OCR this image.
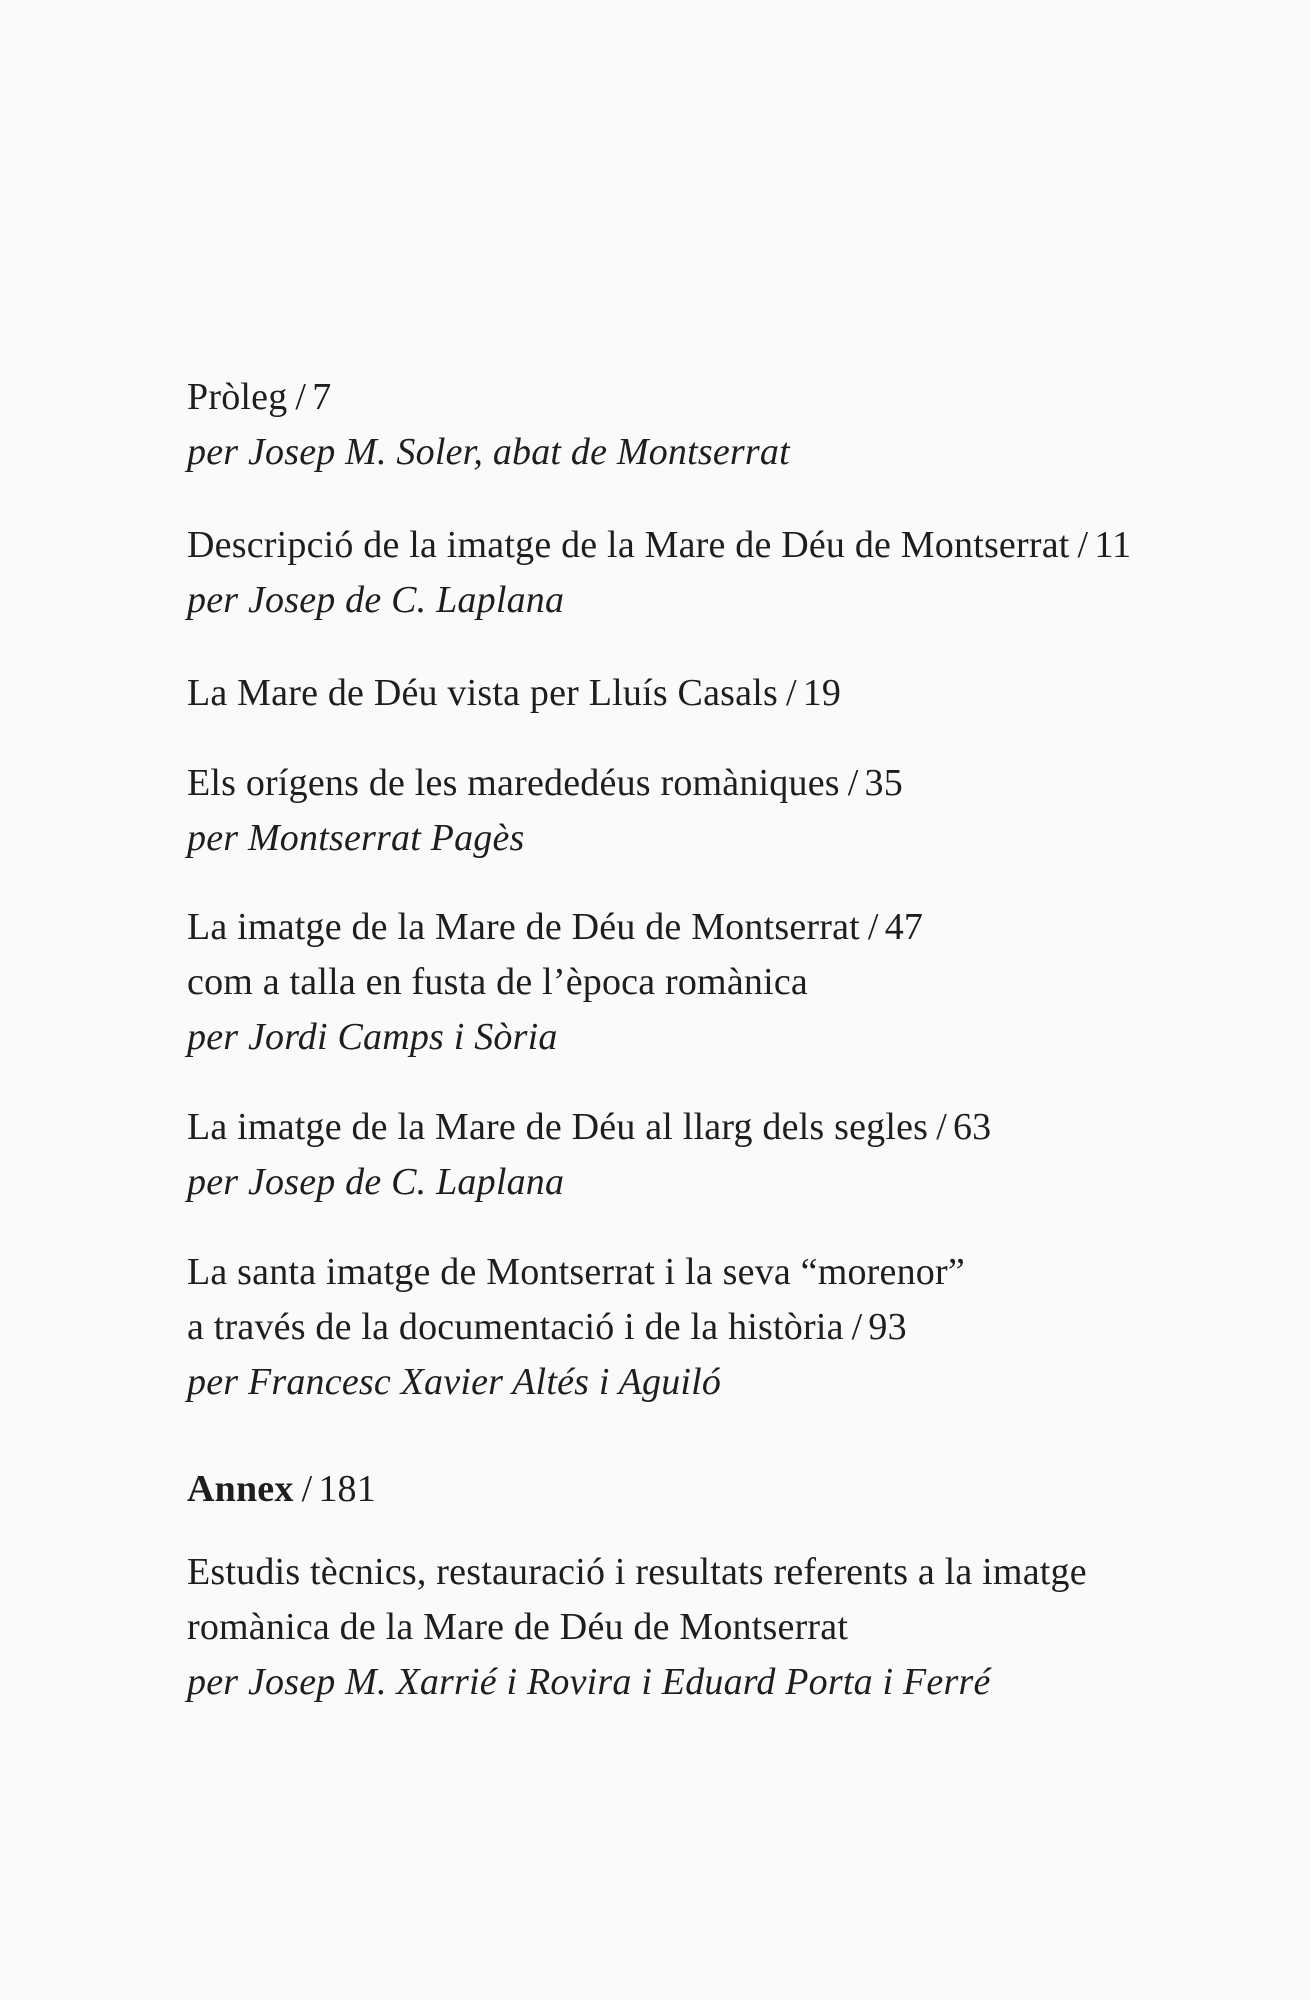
Pròleg / 7
per Josep M. Soler, abat de Montserrat
Descripció de la imatge de la Mare de Déu de Montserrat / 11
per Josep de C. Laplana
La Mare de Déu vista per Lluís Casals / 19
Els orígens de les marededéus romàniques / 35
per Montserrat Pagès
La imatge de la Mare de Déu de Montserrat / 47
com a talla en fusta de l’època romànica
per Jordi Camps i Sòria
La imatge de la Mare de Déu al llarg dels segles / 63
per Josep de C. Laplana
La santa imatge de Montserrat i la seva “morenor”
a través de la documentació i de la història / 93
per Francesc Xavier Altés i Aguiló
Annex / 181
Estudis tècnics, restauració i resultats referents a la imatge
romànica de la Mare de Déu de Montserrat
per Josep M. Xarrié i Rovira i Eduard Porta i Ferré
